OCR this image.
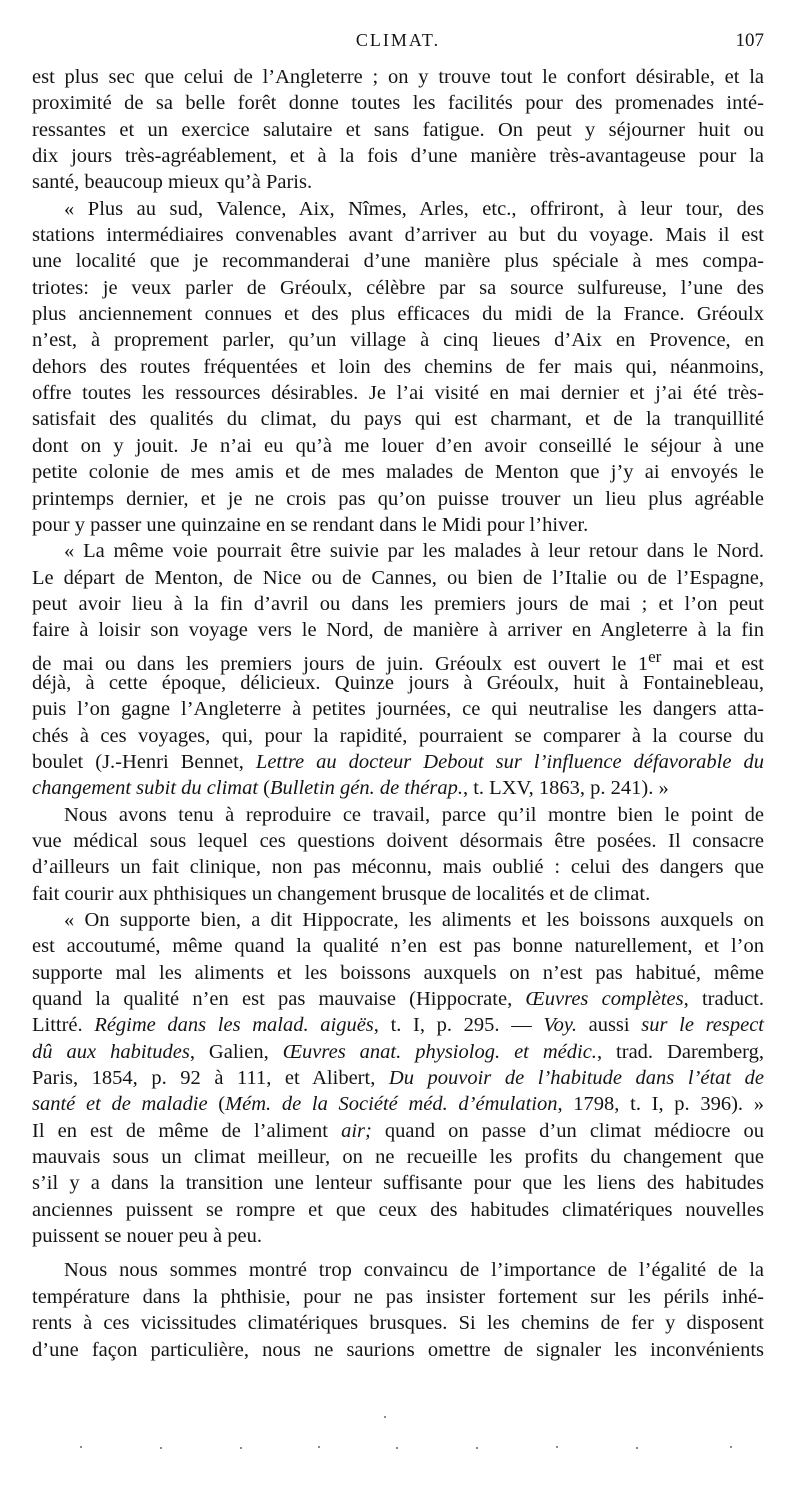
CLIMAT.	107
est plus sec que celui de l’Angleterre ; on y trouve tout le confort désirable, et la
proximité de sa belle forêt donne toutes les facilités pour des promenades inté-
ressantes et un exercice salutaire et sans fatigue. On peut y séjourner huit ou
dix jours très-agréablement, et à la fois d’une manière très-avantageuse pour la
santé, beaucoup mieux qu’à Paris.
« Plus au sud, Valence, Aix, Nîmes, Arles, etc., offriront, à leur tour, des
stations intermédiaires convenables avant d’arriver au but du voyage. Mais il est
une localité que je recommanderai d’une manière plus spéciale à mes compa-
triotes: je veux parler de Gréoulx, célèbre par sa source sulfureuse, l’une des
plus anciennement connues et des plus efficaces du midi de la France. Gréoulx
n’est, à proprement parler, qu’un village à cinq lieues d’Aix en Provence, en
dehors des routes fréquentées et loin des chemins de fer mais qui, néanmoins,
offre toutes les ressources désirables. Je l’ai visité en mai dernier et j’ai été très-
satisfait des qualités du climat, du pays qui est charmant, et de la tranquillité
dont on y jouit. Je n’ai eu qu’à me louer d’en avoir conseillé le séjour à une
petite colonie de mes amis et de mes malades de Menton que j’y ai envoyés le
printemps dernier, et je ne crois pas qu’on puisse trouver un lieu plus agréable
pour y passer une quinzaine en se rendant dans le Midi pour l’hiver.
« La même voie pourrait être suivie par les malades à leur retour dans le Nord.
Le départ de Menton, de Nice ou de Cannes, ou bien de l’Italie ou de l’Espagne,
peut avoir lieu à la fin d’avril ou dans les premiers jours de mai ; et l’on peut
faire à loisir son voyage vers le Nord, de manière à arriver en Angleterre à la fin
de mai ou dans les premiers jours de juin. Gréoulx est ouvert le 1er mai et est
déjà, à cette époque, délicieux. Quinze jours à Gréoulx, huit à Fontainebleau,
puis l’on gagne l’Angleterre à petites journées, ce qui neutralise les dangers atta-
chés à ces voyages, qui, pour la rapidité, pourraient se comparer à la course du
boulet (J.-Henri Bennet, Lettre au docteur Debout sur l’influence défavorable du
changement subit du climat (Bulletin gén. de thérap., t. LXV, 1863, p. 241). »
Nous avons tenu à reproduire ce travail, parce qu’il montre bien le point de
vue médical sous lequel ces questions doivent désormais être posées. Il consacre
d’ailleurs un fait clinique, non pas méconnu, mais oublié : celui des dangers que
fait courir aux phthisiques un changement brusque de localités et de climat.
« On supporte bien, a dit Hippocrate, les aliments et les boissons auxquels on
est accoutumé, même quand la qualité n’en est pas bonne naturellement, et l’on
supporte mal les aliments et les boissons auxquels on n’est pas habitué, même
quand la qualité n’en est pas mauvaise (Hippocrate, Œuvres complètes, traduct.
Littré. Régime dans les malad. aiguës, t. I, p. 295. — Voy. aussi sur le respect
dû aux habitudes, Galien, Œuvres anat. physiolog. et médic., trad. Daremberg,
Paris, 1854, p. 92 à 111, et Alibert, Du pouvoir de l’habitude dans l’état de
santé et de maladie (Mém. de la Société méd. d’émulation, 1798, t. I, p. 396). »
Il en est de même de l’aliment air; quand on passe d’un climat médiocre ou
mauvais sous un climat meilleur, on ne recueille les profits du changement que
s’il y a dans la transition une lenteur suffisante pour que les liens des habitudes
anciennes puissent se rompre et que ceux des habitudes climatériques nouvelles
puissent se nouer peu à peu.
Nous nous sommes montré trop convaincu de l’importance de l’égalité de la
température dans la phthisie, pour ne pas insister fortement sur les périls inhé-
rents à ces vicissitudes climatériques brusques. Si les chemins de fer y disposent
d’une façon particulière, nous ne saurions omettre de signaler les inconvénients
